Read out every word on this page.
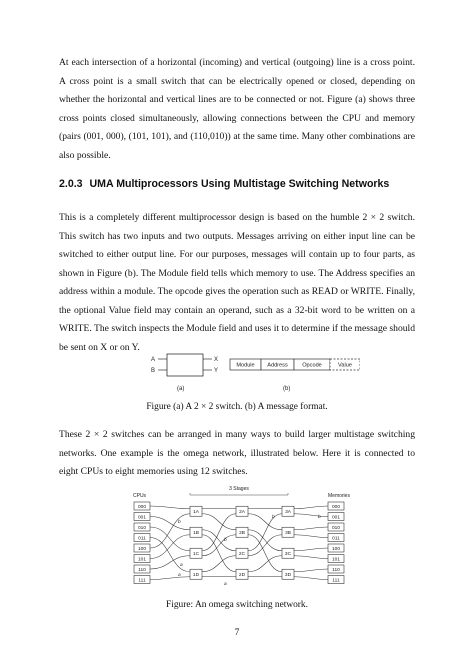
At each intersection of a horizontal (incoming) and vertical (outgoing) line is a cross point. A cross point is a small switch that can be electrically opened or closed, depending on whether the horizontal and vertical lines are to be connected or not. Figure (a) shows three cross points closed simultaneously, allowing connections between the CPU and memory (pairs (001, 000), (101, 101), and (110,010)) at the same time. Many other combinations are also possible.

2.0.3 UMA Multiprocessors Using Multistage Switching Networks

This is a completely different multiprocessor design is based on the humble 2 × 2 switch. This switch has two inputs and two outputs. Messages arriving on either input line can be switched to either output line. For our purposes, messages will contain up to four parts, as shown in Figure (b). The Module field tells which memory to use. The Address specifies an address within a module. The opcode gives the operation such as READ or WRITE. Finally, the optional Value field may contain an operand, such as a 32-bit word to be written on a WRITE. The switch inspects the Module field and uses it to determine if the message should be sent on X or on Y.

A
B
X
Y
(a)
Module Address	Opcode	Value
(b)

Figure (a) A 2 × 2 switch. (b) A message format.

These 2 × 2 switches can be arranged in many ways to build larger multistage switching networks. One example is the omega network, illustrated below. Here it is connected to eight CPUs to eight memories using 12 switches.

3 Stages
CPUs	Memories
000
001
010
011
100
101
110
111
000
001
010
011
100
101
110
111
1A
1B
1C
1D
2A
2B
2C
2D
3A
3B
3C
3D
b
b
a
a
b	b
a

Figure: An omega switching network.

7
